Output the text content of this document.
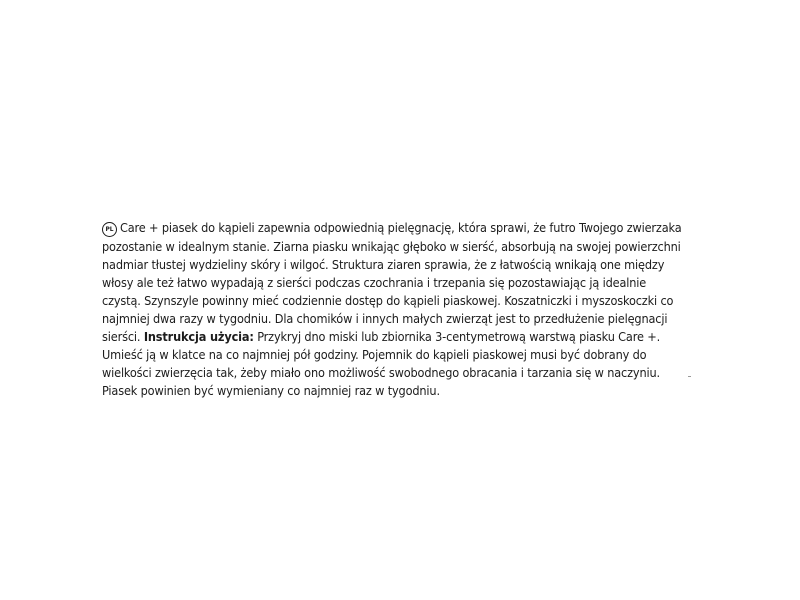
PL Care + piasek do kąpieli zapewnia odpowiednią pielęgnację, która sprawi, że futro Twojego zwierzaka
pozostanie w idealnym stanie. Ziarna piasku wnikając głęboko w sierść, absorbują na swojej powierzchni
nadmiar tłustej wydzieliny skóry i wilgoć. Struktura ziaren sprawia, że z łatwością wnikają one między
włosy ale też łatwo wypadają z sierści podczas czochrania i trzepania się pozostawiając ją idealnie
czystą. Szynszyle powinny mieć codziennie dostęp do kąpieli piaskowej. Koszatniczki i myszoskoczki co
najmniej dwa razy w tygodniu. Dla chomików i innych małych zwierząt jest to przedłużenie pielęgnacji
sierści. Instrukcja użycia: Przykryj dno miski lub zbiornika 3-centymetrową warstwą piasku Care +.
Umieść ją w klatce na co najmniej pół godziny. Pojemnik do kąpieli piaskowej musi być dobrany do
wielkości zwierzęcia tak, żeby miało ono możliwość swobodnego obracania i tarzania się w naczyniu.
Piasek powinien być wymieniany co najmniej raz w tygodniu.
